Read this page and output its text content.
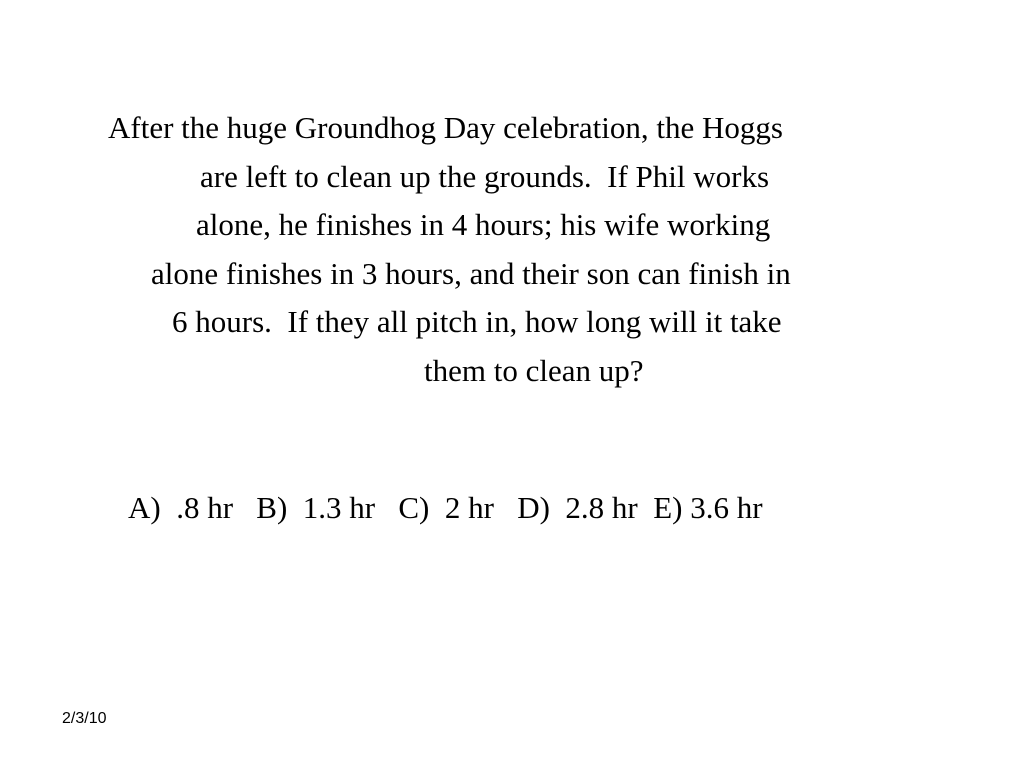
After the huge Groundhog Day celebration, the Hoggs
are left to clean up the grounds.  If Phil works
alone, he finishes in 4 hours; his wife working
alone finishes in 3 hours, and their son can finish in
6 hours.  If they all pitch in, how long will it take
them to clean up?
A)  .8 hr B)  1.3 hr C)  2 hr D)  2.8 hr E) 3.6 hr
2/3/10
